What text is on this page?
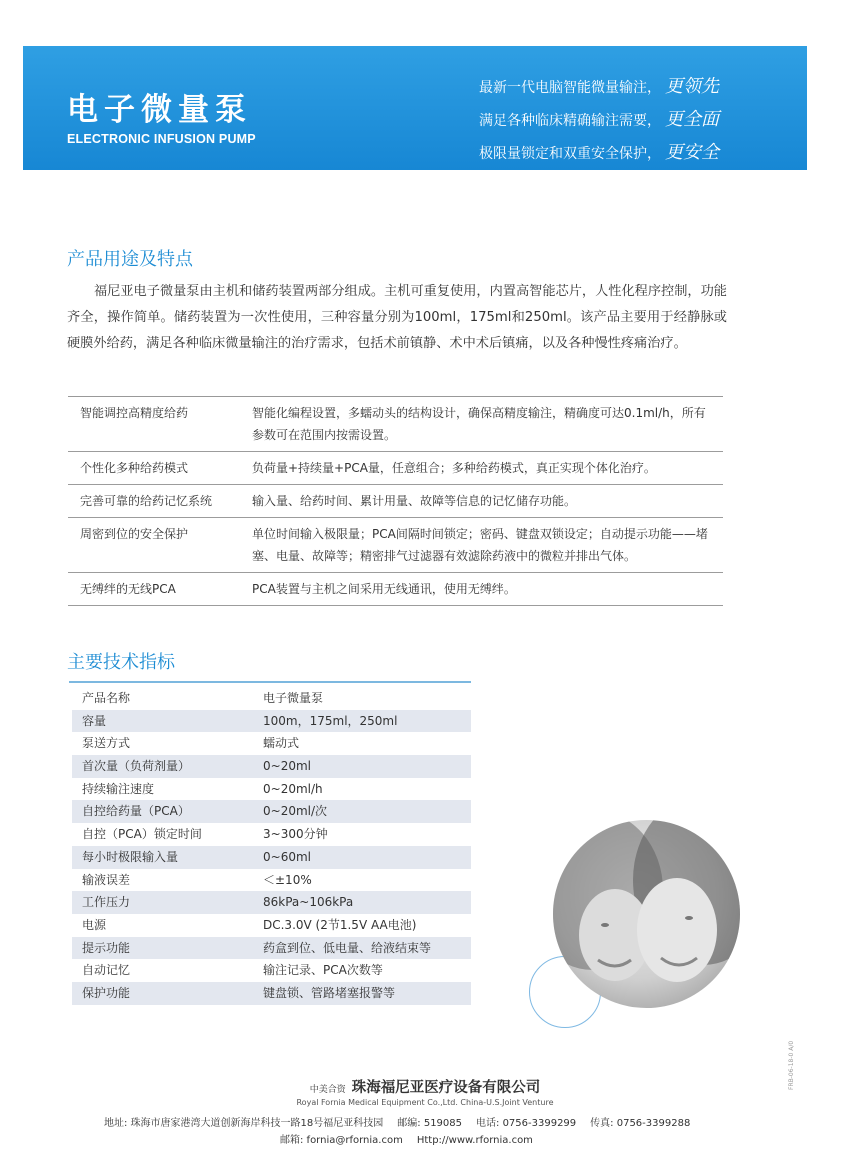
电子微量泵
ELECTRONIC INFUSION PUMP
最新一代电脑智能微量输注， 更领先
满足各种临床精确输注需要， 更全面
极限量锁定和双重安全保护， 更安全
产品用途及特点
福尼亚电子微量泵由主机和储药装置两部分组成。主机可重复使用，内置高智能芯片，人性化程序控制，功能齐全，操作简单。储药装置为一次性使用，三种容量分别为100ml，175ml和250ml。该产品主要用于经静脉或硬膜外给药，满足各种临床微量输注的治疗需求，包括术前镇静、术中术后镇痛，以及各种慢性疼痛治疗。
智能调控高精度给药	智能化编程设置，多蠕动头的结构设计，确保高精度输注，精确度可达0.1ml/h，所有参数可在范围内按需设置。
个性化多种给药模式	负荷量+持续量+PCA量，任意组合；多种给药模式，真正实现个体化治疗。
完善可靠的给药记忆系统	输入量、给药时间、累计用量、故障等信息的记忆储存功能。
周密到位的安全保护	单位时间输入极限量；PCA间隔时间锁定；密码、键盘双锁设定；自动提示功能——堵塞、电量、故障等；精密排气过滤器有效滤除药液中的微粒并排出气体。
无缚绊的无线PCA	PCA装置与主机之间采用无线通讯，使用无缚绊。
主要技术指标
产品名称	电子微量泵
容量	100m，175ml，250ml
泵送方式	蠕动式
首次量（负荷剂量）	0~20ml
持续输注速度	0~20ml/h
自控给药量（PCA）	0~20ml/次
自控（PCA）锁定时间	3~300分钟
每小时极限输入量	0~60ml
输液误差	＜±10%
工作压力	86kPa~106kPa
电源	DC.3.0V (2节1.5V AA电池)
提示功能	药盒到位、低电量、给液结束等
自动记忆	输注记录、PCA次数等
保护功能	键盘锁、管路堵塞报警等
中美合资 珠海福尼亚医疗设备有限公司
Royal Fornia Medical Equipment Co.,Ltd. China-U.S.Joint Venture
地址: 珠海市唐家港湾大道创新海岸科技一路18号福尼亚科技园 邮编: 519085 电话: 0756-3399299 传真: 0756-3399288
邮箱: fornia@rfornia.com Http://www.rfornia.com
FRB-06-18-0 A/0
